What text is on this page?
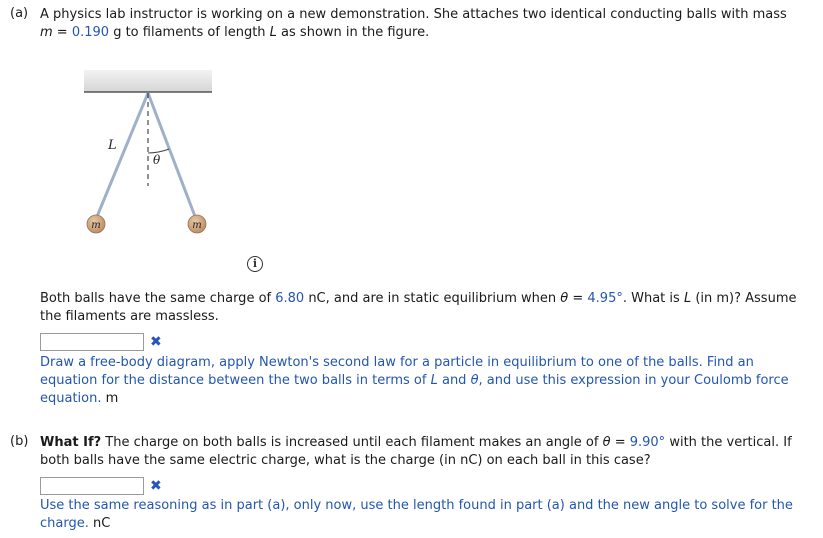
(a) A physics lab instructor is working on a new demonstration. She attaches two identical conducting balls with mass
m = 0.190 g to filaments of length L as shown in the figure.
L
θ
m	m
i
Both balls have the same charge of 6.80 nC, and are in static equilibrium when θ = 4.95°. What is L (in m)? Assume
the filaments are massless.
✖
Draw a free-body diagram, apply Newton's second law for a particle in equilibrium to one of the balls. Find an
equation for the distance between the two balls in terms of L and θ, and use this expression in your Coulomb force
equation. m
(b) What If? The charge on both balls is increased until each filament makes an angle of θ = 9.90° with the vertical. If
both balls have the same electric charge, what is the charge (in nC) on each ball in this case?
✖
Use the same reasoning as in part (a), only now, use the length found in part (a) and the new angle to solve for the
charge. nC
